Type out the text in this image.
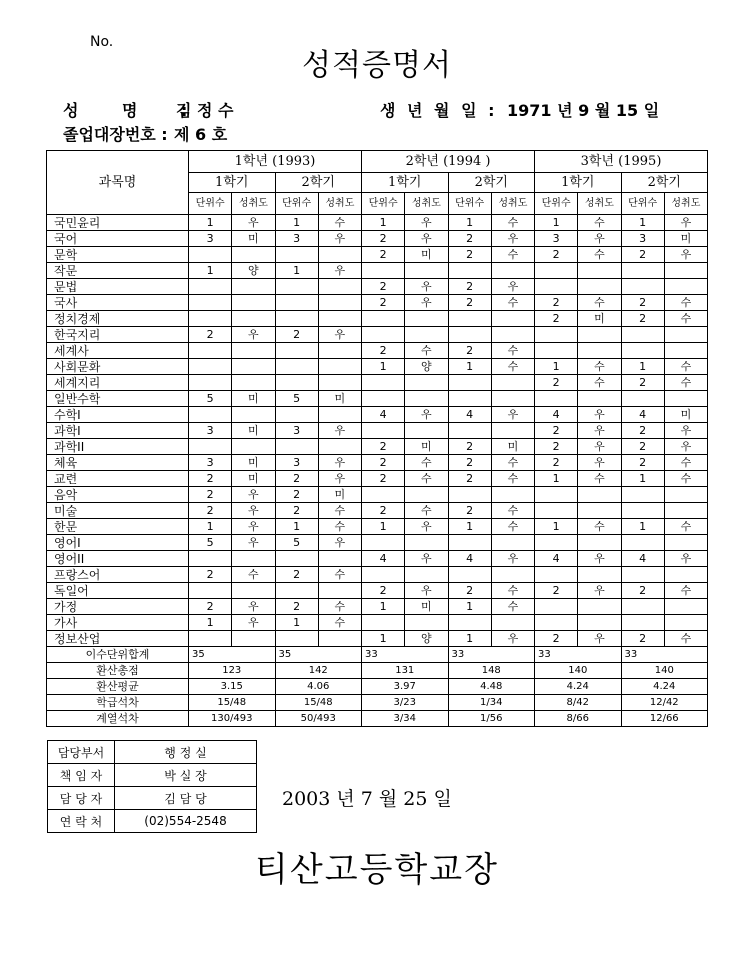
No.
성적증명서
성 명 :
김 정 수	생 년 월 일 : 1971 년 9 월 15 일
졸업대장번호 : 제 6 호
과목명	1학년 (1993)				2학년 (1994 )				3학년 (1995)			
	1학기		2학기		1학기		2학기		1학기		2학기	
	단위수	성취도	단위수	성취도	단위수	성취도	단위수	성취도	단위수	성취도	단위수	성취도
국민윤리	1	우	1	수	1	우	1	수	1	수	1	우
국어	3	미	3	우	2	우	2	우	3	우	3	미
문학					2	미	2	수	2	수	2	우
작문	1	양	1	우								
문법					2	우	2	우				
국사					2	우	2	수	2	수	2	수
정치경제									2	미	2	수
한국지리	2	우	2	우								
세계사					2	수	2	수				
사회문화					1	양	1	수	1	수	1	수
세계지리									2	수	2	수
일반수학	5	미	5	미								
수학I					4	우	4	우	4	우	4	미
과학I	3	미	3	우					2	우	2	우
과학II					2	미	2	미	2	우	2	우
체육	3	미	3	우	2	수	2	수	2	우	2	수
교련	2	미	2	우	2	수	2	수	1	수	1	수
음악	2	우	2	미								
미술	2	우	2	수	2	수	2	수				
한문	1	우	1	수	1	우	1	수	1	수	1	수
영어I	5	우	5	우								
영어II					4	우	4	우	4	우	4	우
프랑스어	2	수	2	수								
독일어					2	우	2	수	2	우	2	수
가정	2	우	2	수	1	미	1	수				
가사	1	우	1	수								
정보산업					1	양	1	우	2	우	2	수
이수단위합계	35		35		33		33		33		33	
환산총점	123		142		131		148		140		140	
환산평균	3.15		4.06		3.97		4.48		4.24		4.24	
학급석차	15/48		15/48		3/23		1/34		8/42		12/42	
계열석차	130/493		50/493		3/34		1/56		8/66		12/66	
담당부서	행 정 실
책 임 자	박 실 장
담 당 자	김 담 당
연 락 처	(02)554-2548
2003 년 7 월 25 일
티산고등학교장
